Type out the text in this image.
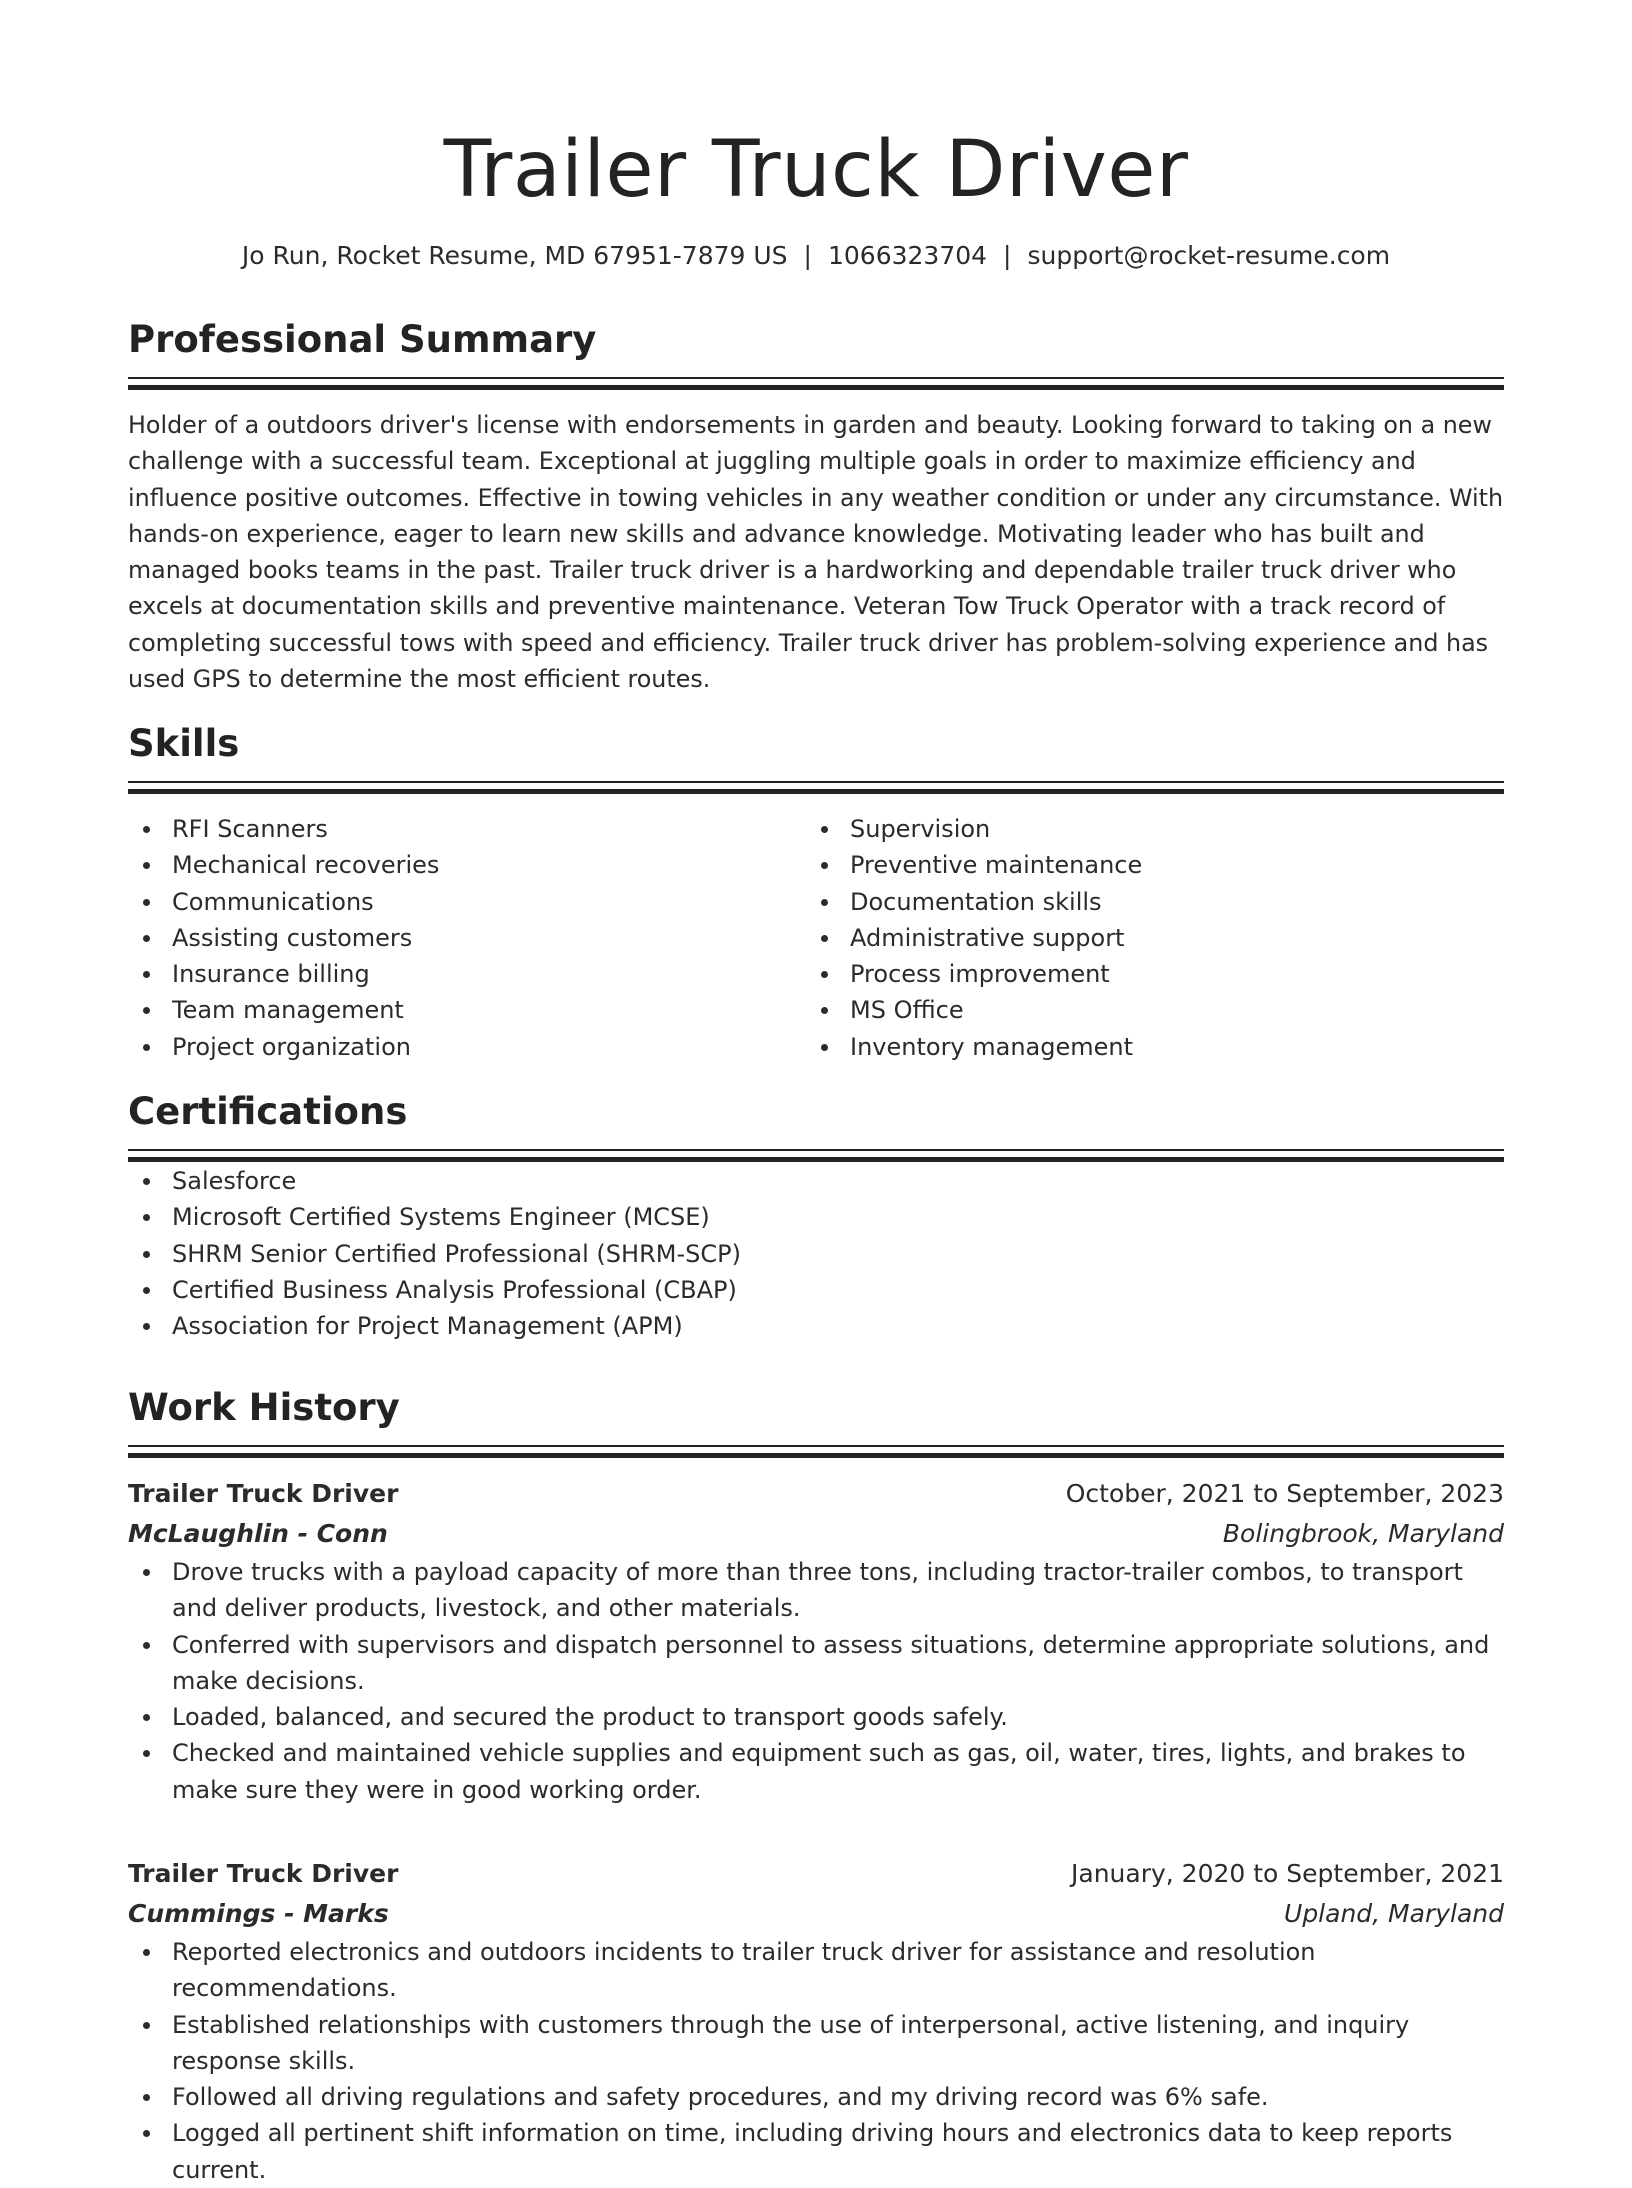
Trailer Truck Driver
Jo Run, Rocket Resume, MD 67951-7879 US | 1066323704 | support@rocket-resume.com
Professional Summary
Holder of a outdoors driver's license with endorsements in garden and beauty. Looking forward to taking on a new challenge with a successful team. Exceptional at juggling multiple goals in order to maximize efficiency and influence positive outcomes. Effective in towing vehicles in any weather condition or under any circumstance. With hands-on experience, eager to learn new skills and advance knowledge. Motivating leader who has built and managed books teams in the past. Trailer truck driver is a hardworking and dependable trailer truck driver who excels at documentation skills and preventive maintenance. Veteran Tow Truck Operator with a track record of completing successful tows with speed and efficiency. Trailer truck driver has problem-solving experience and has used GPS to determine the most efficient routes.
Skills
RFI Scanners
Mechanical recoveries
Communications
Assisting customers
Insurance billing
Team management
Project organization
Supervision
Preventive maintenance
Documentation skills
Administrative support
Process improvement
MS Office
Inventory management
Certifications
Salesforce
Microsoft Certified Systems Engineer (MCSE)
SHRM Senior Certified Professional (SHRM-SCP)
Certified Business Analysis Professional (CBAP)
Association for Project Management (APM)
Work History
Trailer Truck Driver	October, 2021 to September, 2023
McLaughlin - Conn	Bolingbrook, Maryland
Drove trucks with a payload capacity of more than three tons, including tractor-trailer combos, to transport and deliver products, livestock, and other materials.
Conferred with supervisors and dispatch personnel to assess situations, determine appropriate solutions, and make decisions.
Loaded, balanced, and secured the product to transport goods safely.
Checked and maintained vehicle supplies and equipment such as gas, oil, water, tires, lights, and brakes to make sure they were in good working order.
Trailer Truck Driver	January, 2020 to September, 2021
Cummings - Marks	Upland, Maryland
Reported electronics and outdoors incidents to trailer truck driver for assistance and resolution recommendations.
Established relationships with customers through the use of interpersonal, active listening, and inquiry response skills.
Followed all driving regulations and safety procedures, and my driving record was 6% safe.
Logged all pertinent shift information on time, including driving hours and electronics data to keep reports current.
